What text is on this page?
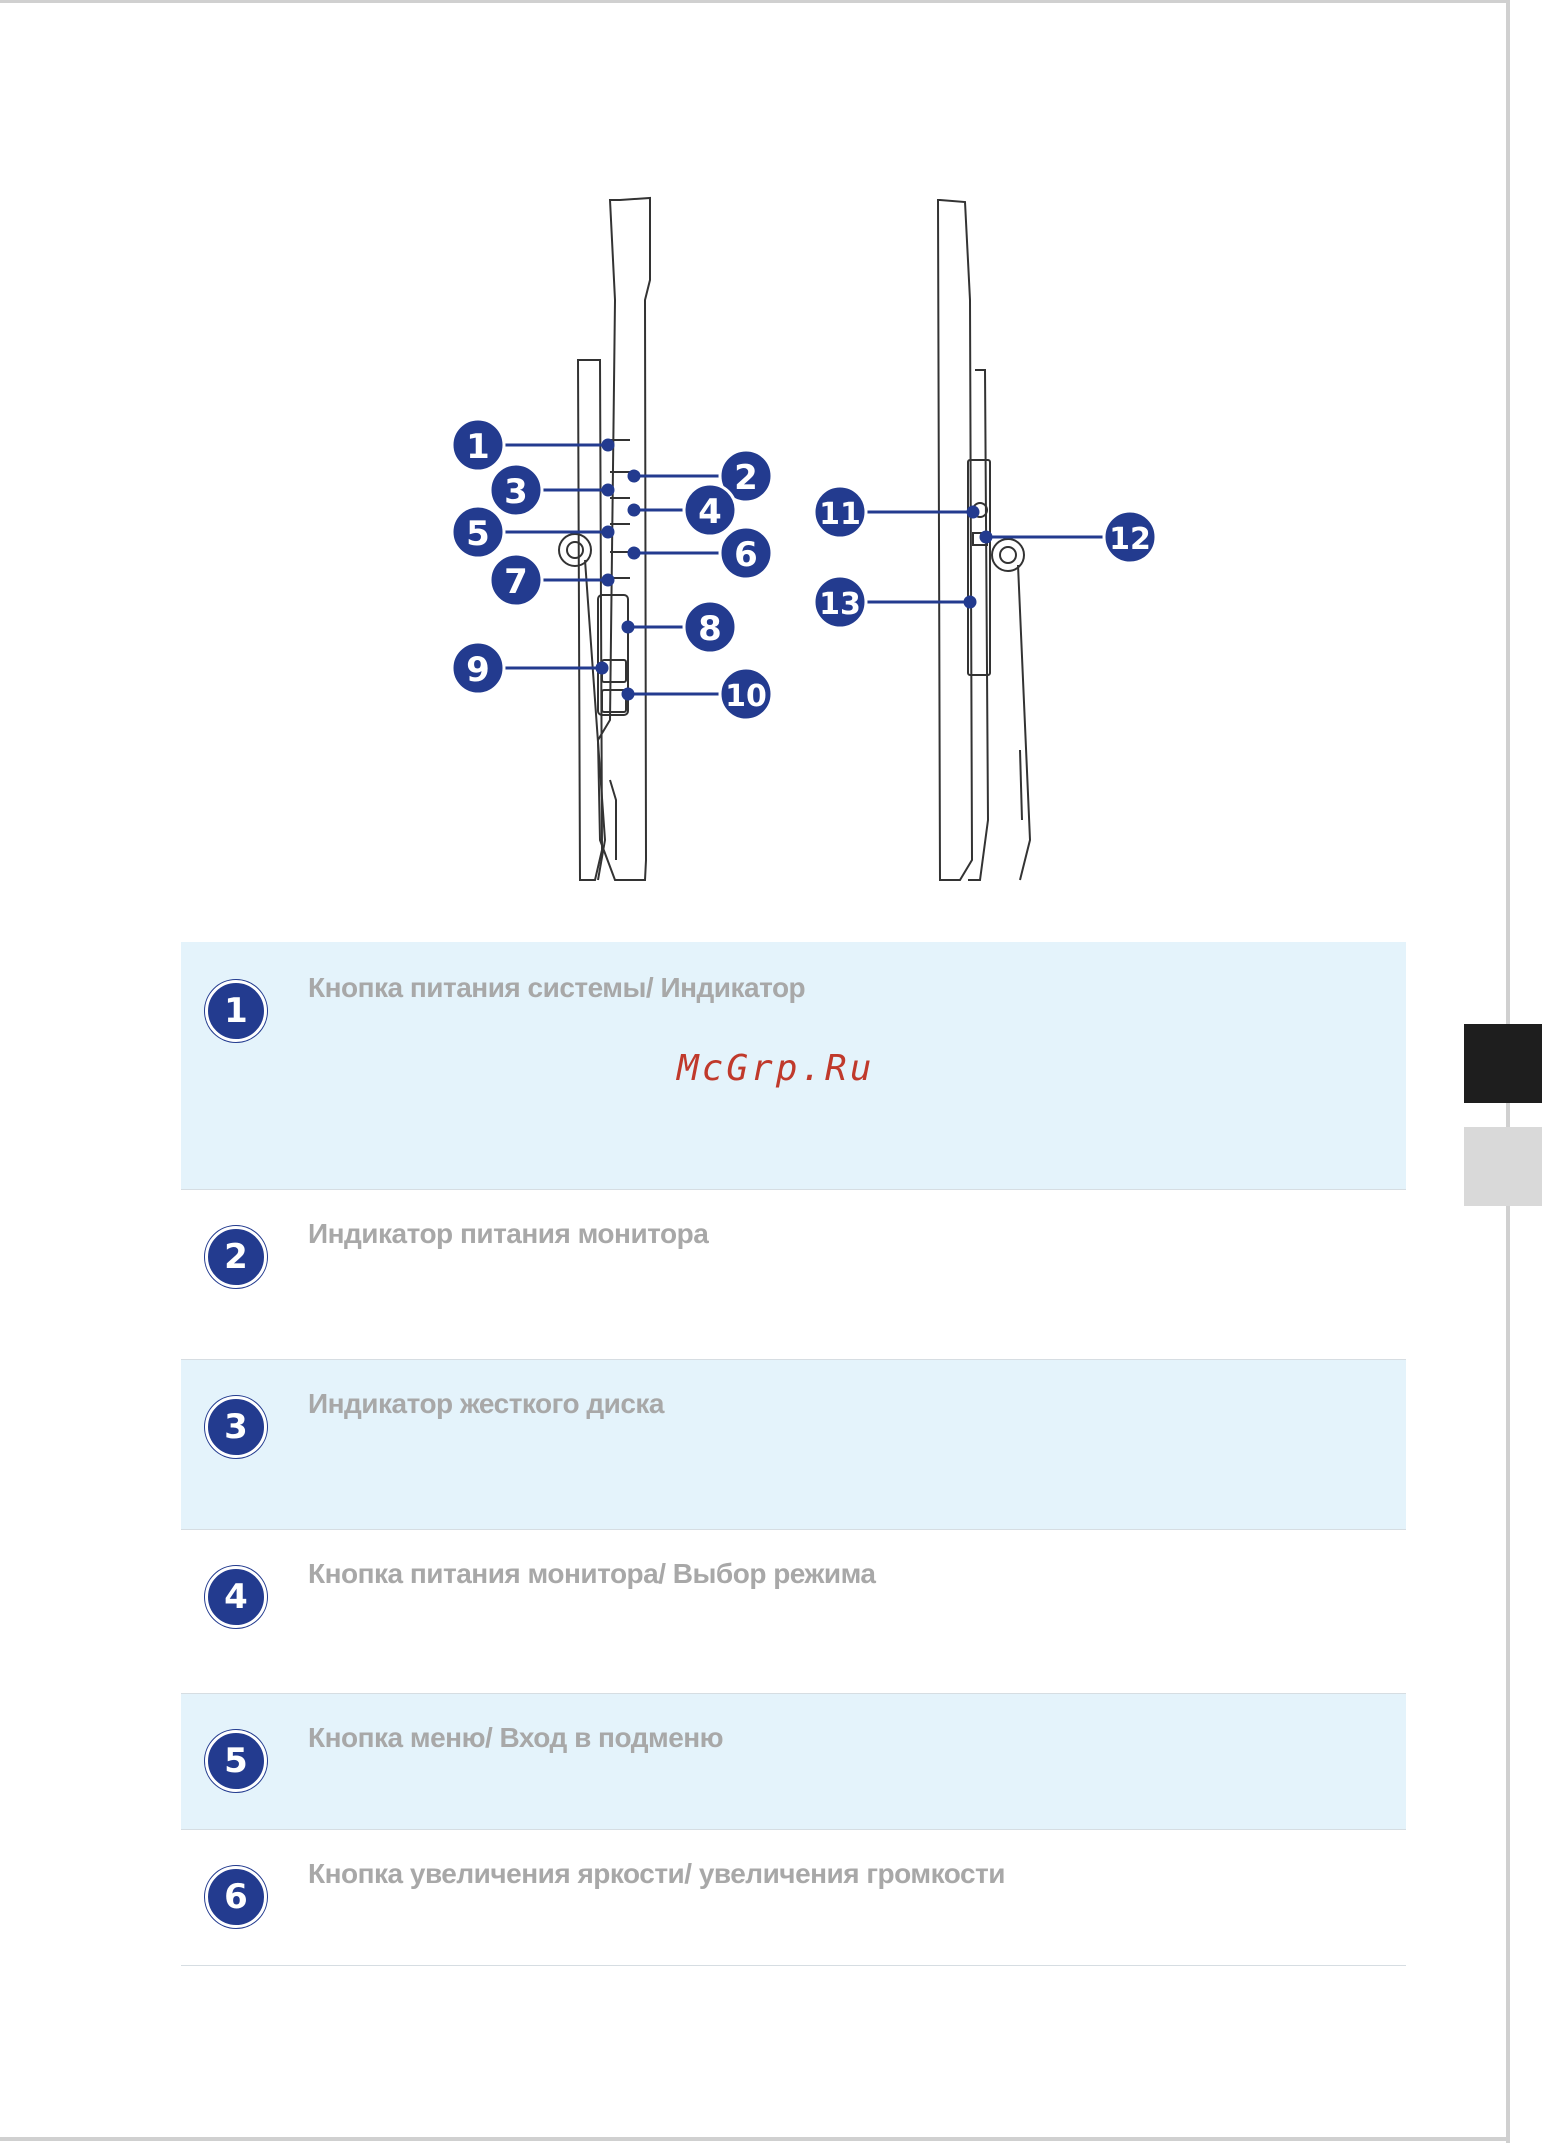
1
3
5
7
9
2
4
6
8
10
11
12
13
1
Кнопка питания системы/ Индикатор
McGrp.Ru
2
Индикатор питания монитора
3
Индикатор жесткого диска
4
Кнопка питания монитора/ Выбор режима
5
Кнопка меню/ Вход в подменю
6
Кнопка увеличения яркости/ увеличения громкости
